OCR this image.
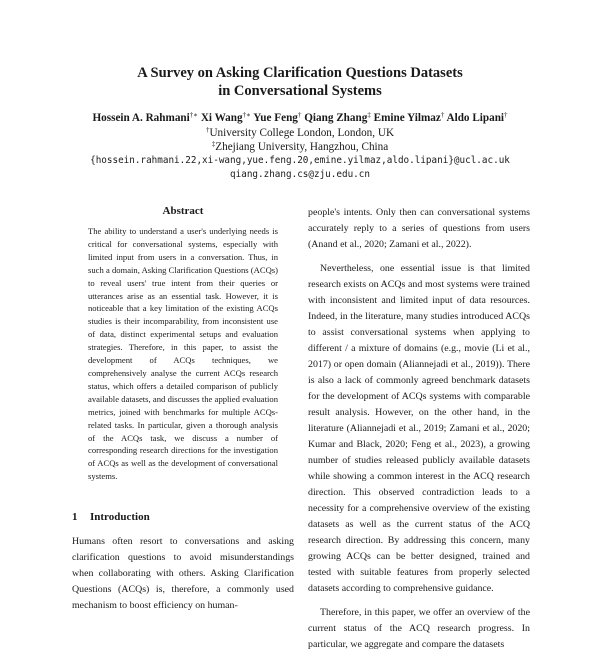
A Survey on Asking Clarification Questions Datasets
in Conversational Systems
Hossein A. Rahmani†∗ Xi Wang†∗ Yue Feng† Qiang Zhang‡ Emine Yilmaz† Aldo Lipani†
†University College London, London, UK
‡Zhejiang University, Hangzhou, China
{hossein.rahmani.22,xi-wang,yue.feng.20,emine.yilmaz,aldo.lipani}@ucl.ac.uk
qiang.zhang.cs@zju.edu.cn
Abstract

The ability to understand a user's underlying needs is critical for conversational systems, especially with limited input from users in a conversation. Thus, in such a domain, Asking Clarification Questions (ACQs) to reveal users' true intent from their queries or utterances arise as an essential task. However, it is noticeable that a key limitation of the existing ACQs studies is their incomparability, from inconsistent use of data, distinct experimental setups and evaluation strategies. Therefore, in this paper, to assist the development of ACQs techniques, we comprehensively analyse the current ACQs research status, which offers a detailed comparison of publicly available datasets, and discusses the applied evaluation metrics, joined with benchmarks for multiple ACQs-related tasks. In particular, given a thorough analysis of the ACQs task, we discuss a number of corresponding research directions for the investigation of ACQs as well as the development of conversational systems.

1 Introduction

Humans often resort to conversations and asking clarification questions to avoid misunderstandings when collaborating with others. Asking Clarification Questions (ACQs) is, therefore, a commonly used mechanism to boost efficiency on human-

people's intents. Only then can conversational systems accurately reply to a series of questions from users (Anand et al., 2020; Zamani et al., 2022).

Nevertheless, one essential issue is that limited research exists on ACQs and most systems were trained with inconsistent and limited input of data resources. Indeed, in the literature, many studies introduced ACQs to assist conversational systems when applying to different / a mixture of domains (e.g., movie (Li et al., 2017) or open domain (Aliannejadi et al., 2019)). There is also a lack of commonly agreed benchmark datasets for the development of ACQs systems with comparable result analysis. However, on the other hand, in the literature (Aliannejadi et al., 2019; Zamani et al., 2020; Kumar and Black, 2020; Feng et al., 2023), a growing number of studies released publicly available datasets while showing a common interest in the ACQ research direction. This observed contradiction leads to a necessity for a comprehensive overview of the existing datasets as well as the current status of the ACQ research direction. By addressing this concern, many growing ACQs can be better designed, trained and tested with suitable features from properly selected datasets according to comprehensive guidance.

Therefore, in this paper, we offer an overview of the current status of the ACQ research progress. In particular, we aggregate and compare the datasets
